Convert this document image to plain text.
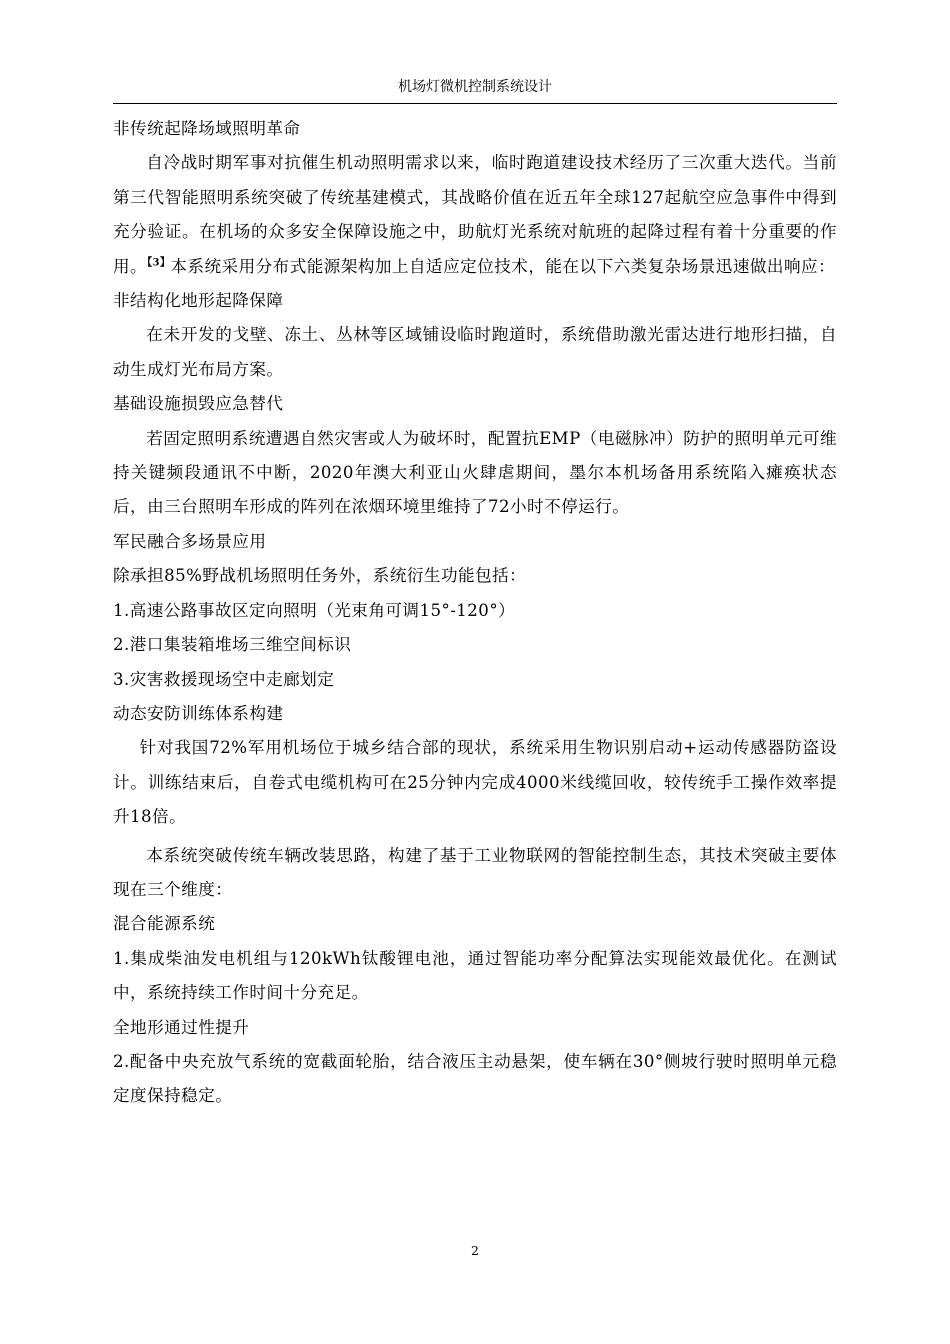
机场灯微机控制系统设计

非传统起降场域照明革命

自冷战时期军事对抗催生机动照明需求以来，临时跑道建设技术经历了三次重大迭代。当前第三代智能照明系统突破了传统基建模式，其战略价值在近五年全球127起航空应急事件中得到充分验证。在机场的众多安全保障设施之中，助航灯光系统对航班的起降过程有着十分重要的作用。$^{【3】}$本系统采用分布式能源架构加上自适应定位技术，能在以下六类复杂场景迅速做出响应：

非结构化地形起降保障

在未开发的戈壁、冻土、丛林等区域铺设临时跑道时，系统借助激光雷达进行地形扫描，自动生成灯光布局方案。

基础设施损毁应急替代

若固定照明系统遭遇自然灾害或人为破坏时，配置抗EMP（电磁脉冲）防护的照明单元可维持关键频段通讯不中断，2020年澳大利亚山火肆虐期间，墨尔本机场备用系统陷入瘫痪状态后，由三台照明车形成的阵列在浓烟环境里维持了72小时不停运行。

军民融合多场景应用

除承担85%野战机场照明任务外，系统衍生功能包括：

1.高速公路事故区定向照明（光束角可调15°-120°）

2.港口集装箱堆场三维空间标识

3.灾害救援现场空中走廊划定

动态安防训练体系构建

针对我国72%军用机场位于城乡结合部的现状，系统采用生物识别启动+运动传感器防盗设计。训练结束后，自卷式电缆机构可在25分钟内完成4000米线缆回收，较传统手工操作效率提升18倍。

本系统突破传统车辆改装思路，构建了基于工业物联网的智能控制生态，其技术突破主要体现在三个维度：

混合能源系统

1.集成柴油发电机组与120kWh钛酸锂电池，通过智能功率分配算法实现能效最优化。在测试中，系统持续工作时间十分充足。

全地形通过性提升

2.配备中央充放气系统的宽截面轮胎，结合液压主动悬架，使车辆在30°侧坡行驶时照明单元稳定度保持稳定。

2
